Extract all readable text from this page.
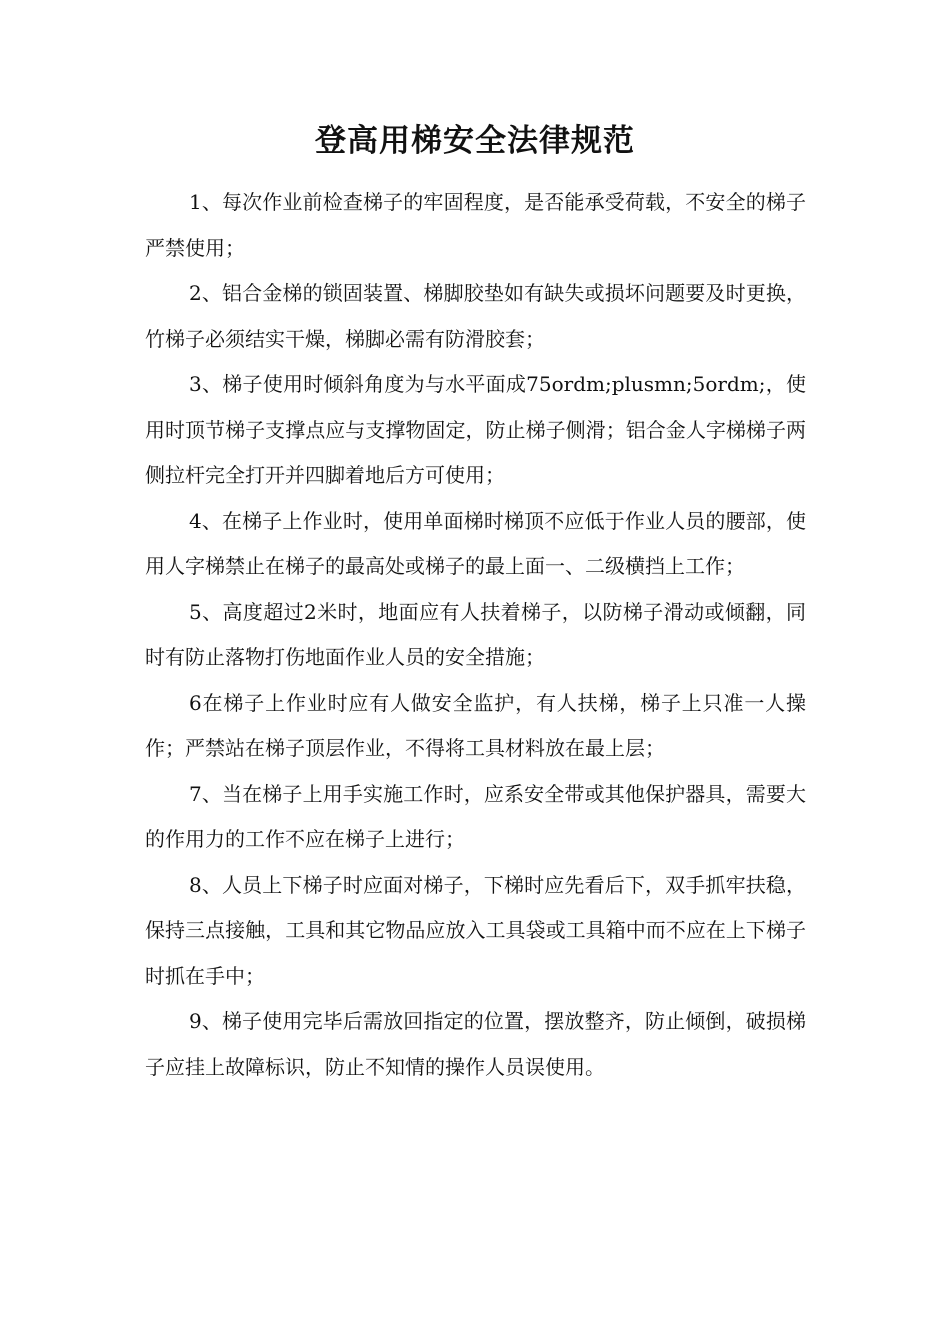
登高用梯安全法律规范

1、每次作业前检查梯子的牢固程度，是否能承受荷载，不安全的梯子严禁使用；

2、铝合金梯的锁固装置、梯脚胶垫如有缺失或损坏问题要及时更换，竹梯子必须结实干燥，梯脚必需有防滑胶套；

3、梯子使用时倾斜角度为与水平面成75ordm;plusmn;5ordm;，使用时顶节梯子支撑点应与支撑物固定，防止梯子侧滑；铝合金人字梯梯子两侧拉杆完全打开并四脚着地后方可使用；

4、在梯子上作业时，使用单面梯时梯顶不应低于作业人员的腰部，使用人字梯禁止在梯子的最高处或梯子的最上面一、二级横挡上工作；

5、高度超过2米时，地面应有人扶着梯子，以防梯子滑动或倾翻，同时有防止落物打伤地面作业人员的安全措施；

6在梯子上作业时应有人做安全监护，有人扶梯，梯子上只准一人操作；严禁站在梯子顶层作业，不得将工具材料放在最上层；

7、当在梯子上用手实施工作时，应系安全带或其他保护器具，需要大的作用力的工作不应在梯子上进行；

8、人员上下梯子时应面对梯子，下梯时应先看后下，双手抓牢扶稳，保持三点接触，工具和其它物品应放入工具袋或工具箱中而不应在上下梯子时抓在手中；

9、梯子使用完毕后需放回指定的位置，摆放整齐，防止倾倒，破损梯子应挂上故障标识，防止不知情的操作人员误使用。
